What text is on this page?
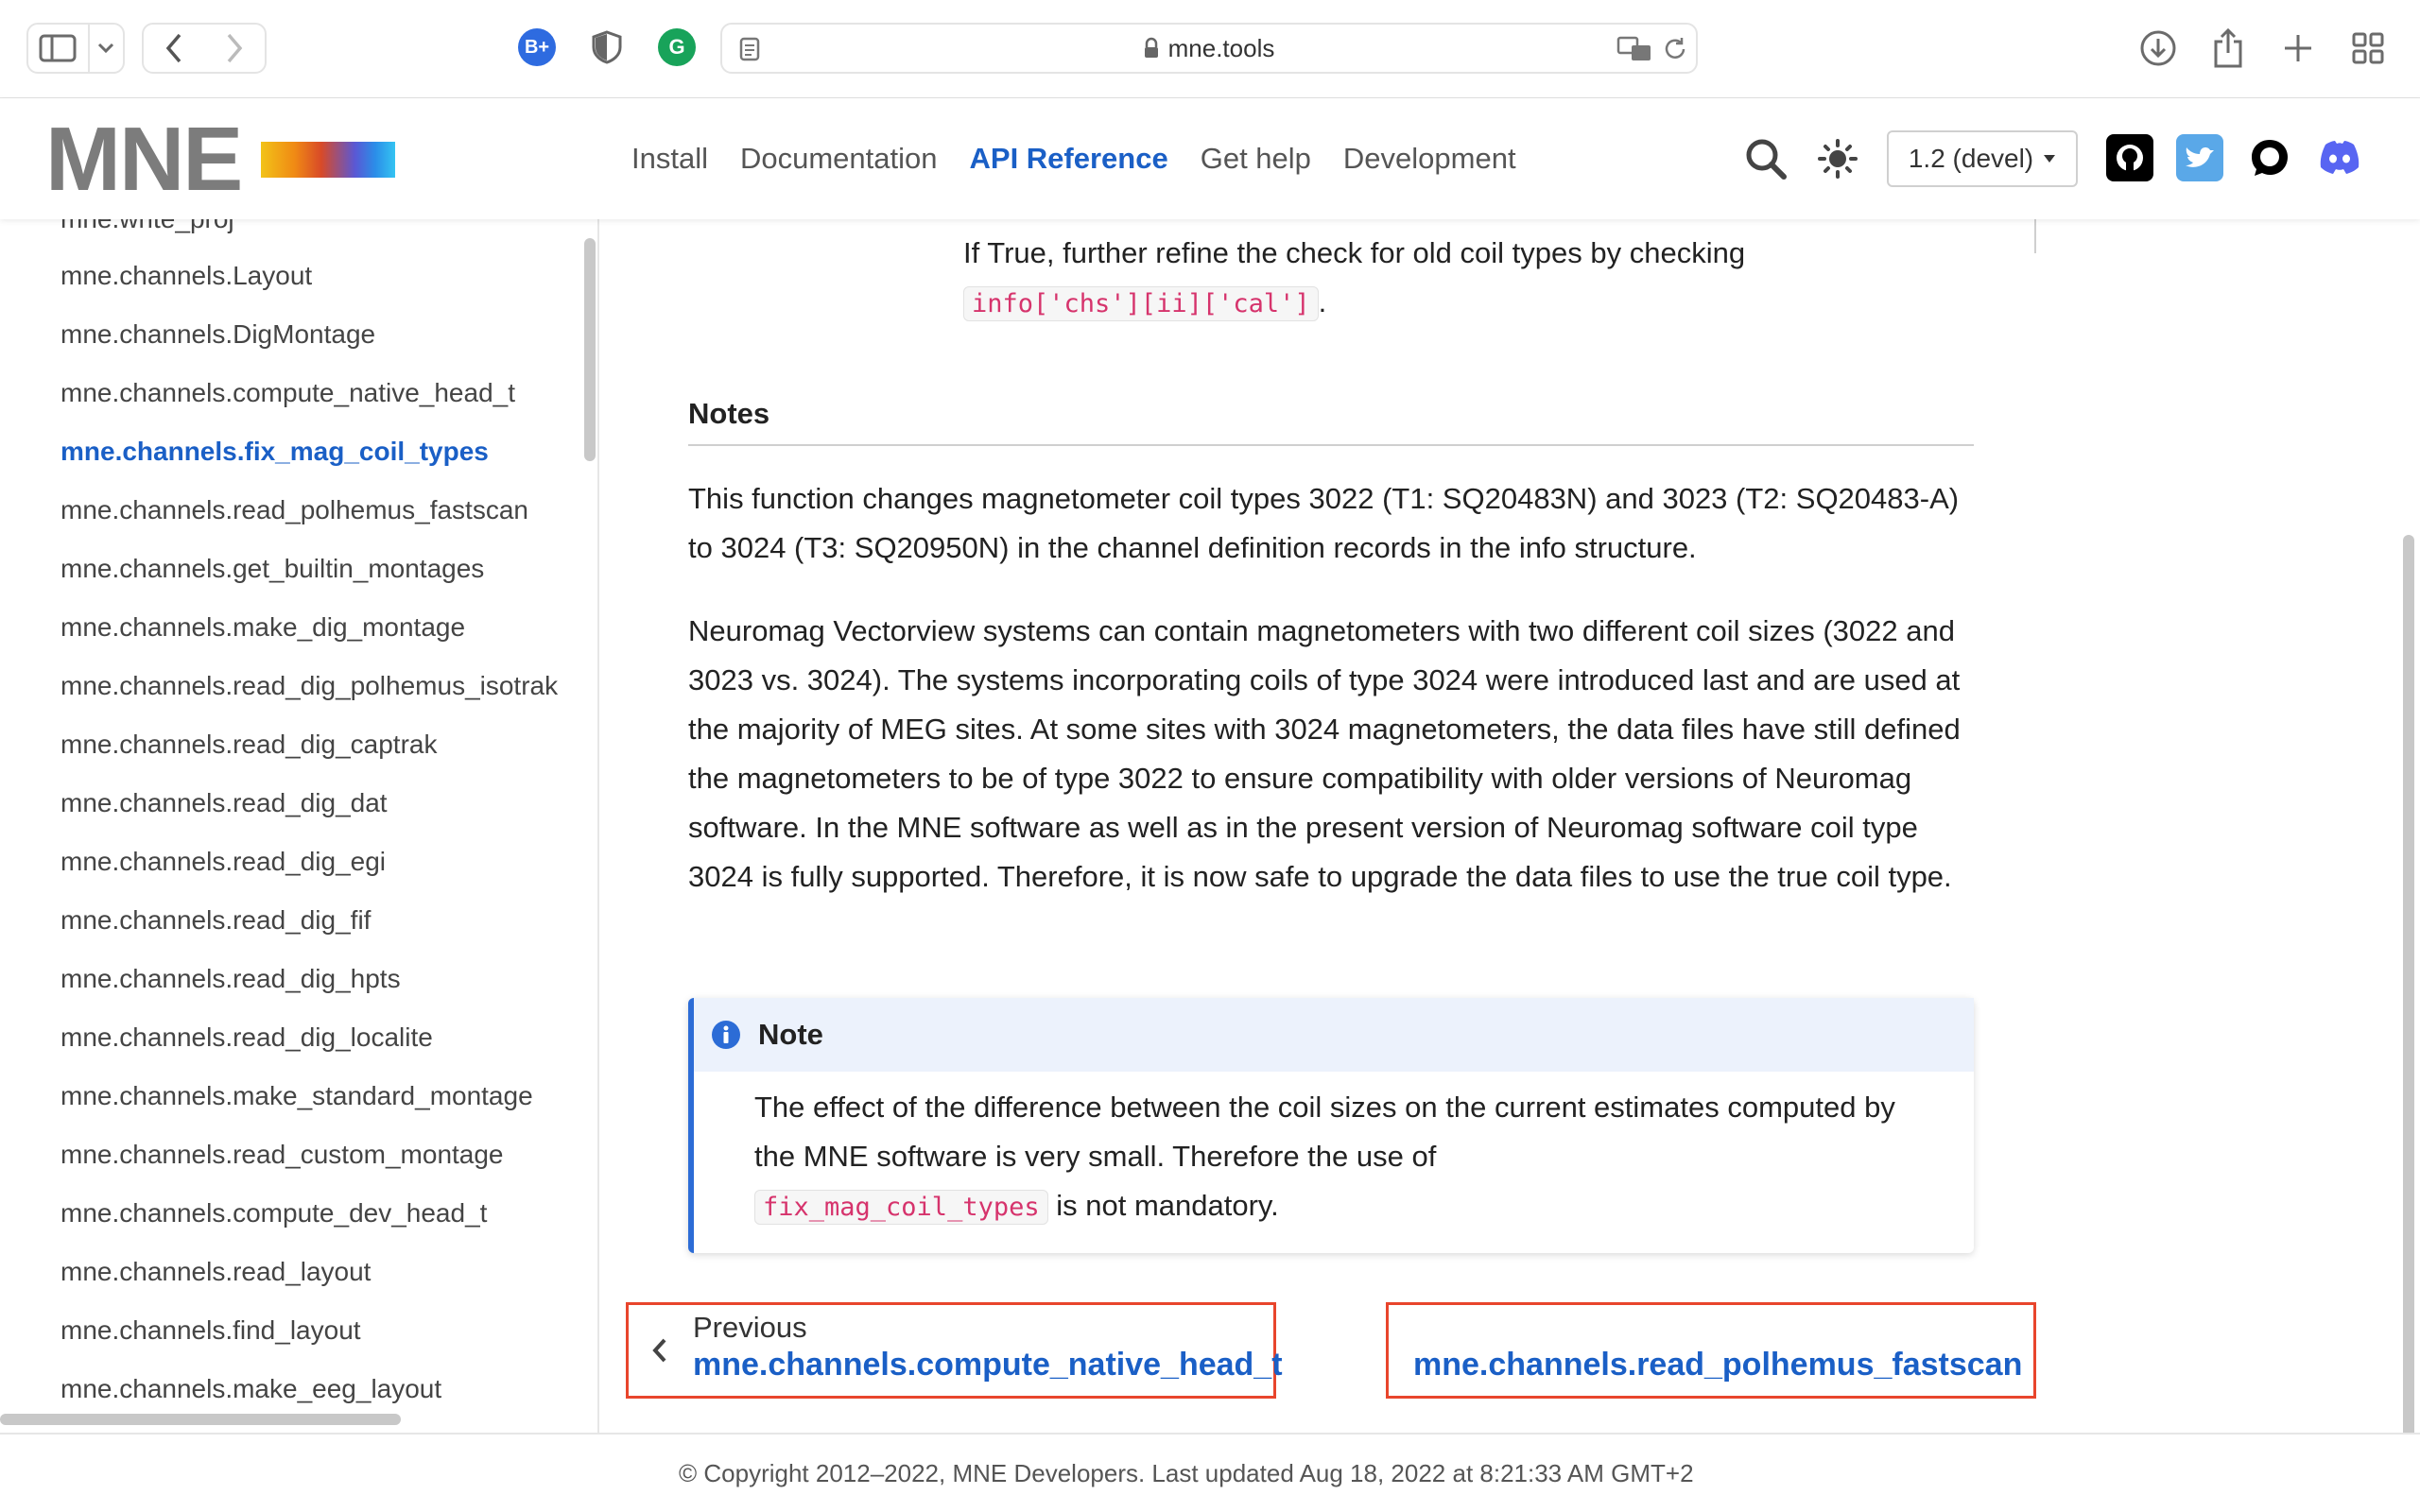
B+	G	mne.tools
MNE	Install Documentation API Reference Get help Development	1.2 (devel)
mne.channels.Layout
mne.channels.DigMontage
mne.channels.compute_native_head_t
mne.channels.fix_mag_coil_types
mne.channels.read_polhemus_fastscan
mne.channels.get_builtin_montages
mne.channels.make_dig_montage
mne.channels.read_dig_polhemus_isotrak
mne.channels.read_dig_captrak
mne.channels.read_dig_dat
mne.channels.read_dig_egi
mne.channels.read_dig_fif
mne.channels.read_dig_hpts
mne.channels.read_dig_localite
mne.channels.make_standard_montage
mne.channels.read_custom_montage
mne.channels.compute_dev_head_t
mne.channels.read_layout
mne.channels.find_layout
mne.channels.make_eeg_layout
If True, further refine the check for old coil types by checking
info['chs'][ii]['cal'] .
Notes
This function changes magnetometer coil types 3022 (T1: SQ20483N) and 3023 (T2: SQ20483-A) to 3024 (T3: SQ20950N) in the channel definition records in the info structure.
Neuromag Vectorview systems can contain magnetometers with two different coil sizes (3022 and 3023 vs. 3024). The systems incorporating coils of type 3024 were introduced last and are used at the majority of MEG sites. At some sites with 3024 magnetometers, the data files have still defined the magnetometers to be of type 3022 to ensure compatibility with older versions of Neuromag software. In the MNE software as well as in the present version of Neuromag software coil type 3024 is fully supported. Therefore, it is now safe to upgrade the data files to use the true coil type.
Note
The effect of the difference between the coil sizes on the current estimates computed by the MNE software is very small. Therefore the use of
fix_mag_coil_types is not mandatory.
Previous
mne.channels.compute_native_head_t	mne.channels.read_polhemus_fastscan
© Copyright 2012–2022, MNE Developers. Last updated Aug 18, 2022 at 8:21:33 AM GMT+2
